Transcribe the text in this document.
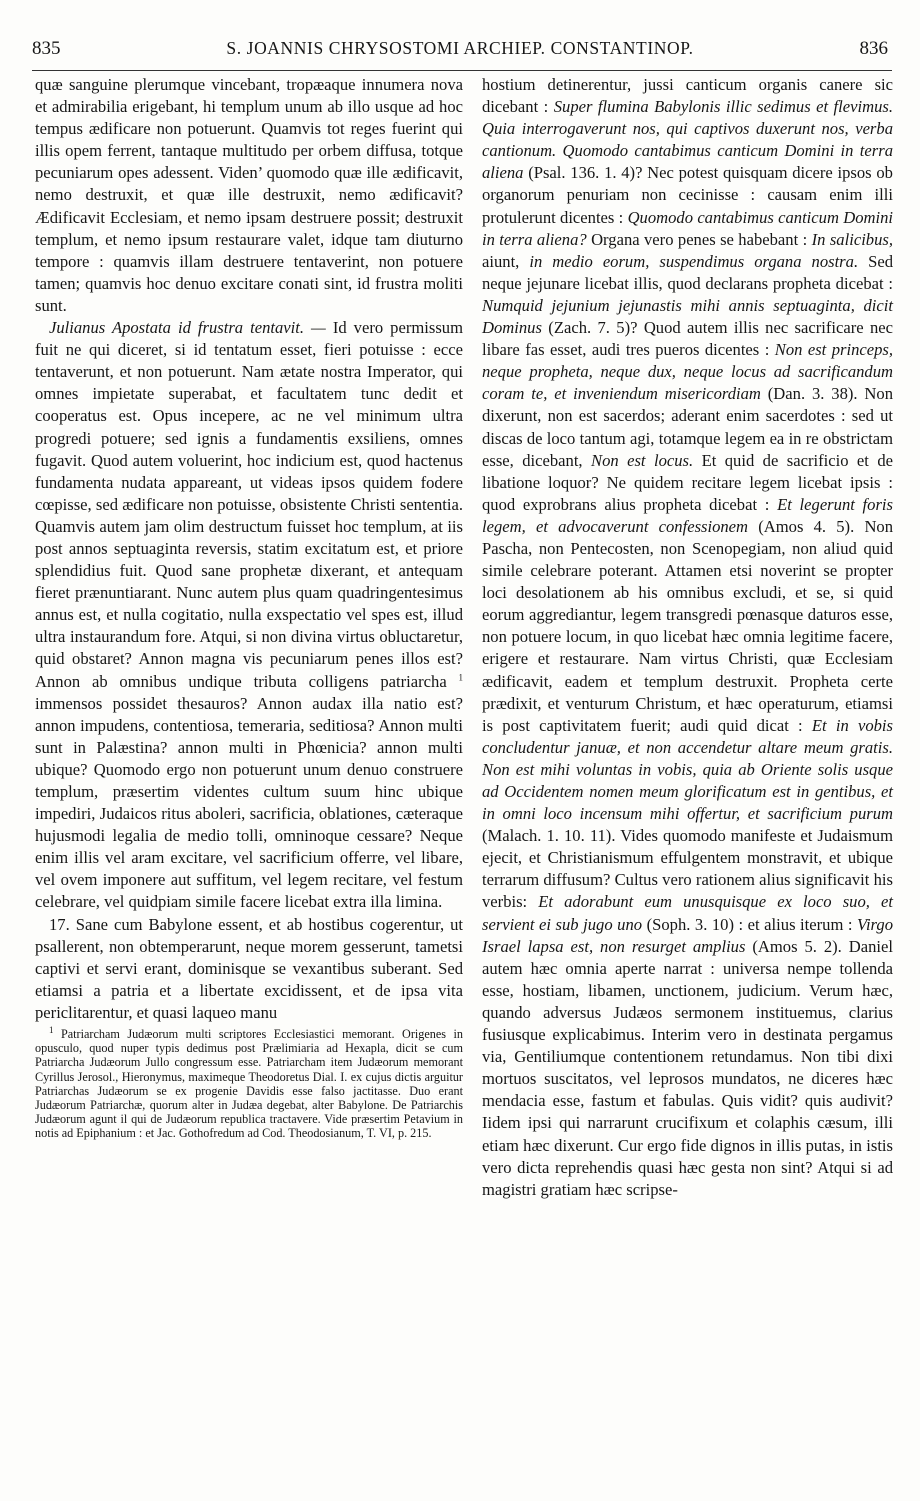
835	S. JOANNIS CHRYSOSTOMI ARCHIEP. CONSTANTINOP.	836

quæ sanguine plerumque vincebant, tropæaque innumera nova et admirabilia erigebant, hi templum unum ab illo usque ad hoc tempus ædificare non potuerunt. Quamvis tot reges fuerint qui illis opem ferrent, tantaque multitudo per orbem diffusa, totque pecuniarum opes adessent. Viden’ quomodo quæ ille ædificavit, nemo destruxit, et quæ ille destruxit, nemo ædificavit? Ædificavit Ecclesiam, et nemo ipsam destruere possit; destruxit templum, et nemo ipsum restaurare valet, idque tam diuturno tempore : quamvis illam destruere tentaverint, non potuere tamen; quamvis hoc denuo excitare conati sint, id frustra moliti sunt.

Julianus Apostata id frustra tentavit. — Id vero permissum fuit ne qui diceret, si id tentatum esset, fieri potuisse : ecce tentaverunt, et non potuerunt. Nam ætate nostra Imperator, qui omnes impietate superabat, et facultatem tunc dedit et cooperatus est. Opus incepere, ac ne vel minimum ultra progredi potuere; sed ignis a fundamentis exsiliens, omnes fugavit. Quod autem voluerint, hoc indicium est, quod hactenus fundamenta nudata appareant, ut videas ipsos quidem fodere cœpisse, sed ædificare non potuisse, obsistente Christi sententia. Quamvis autem jam olim destructum fuisset hoc templum, at iis post annos septuaginta reversis, statim excitatum est, et priore splendidius fuit. Quod sane prophetæ dixerant, et antequam fieret prænuntiarant. Nunc autem plus quam quadringentesimus annus est, et nulla cogitatio, nulla exspectatio vel spes est, illud ultra instaurandum fore. Atqui, si non divina virtus obluctaretur, quid obstaret? Annon magna vis pecuniarum penes illos est? Annon ab omnibus undique tributa colligens patriarcha $^1$ immensos possidet thesauros? Annon audax illa natio est? annon impudens, contentiosa, temeraria, seditiosa? Annon multi sunt in Palæstina? annon multi in Phœnicia? annon multi ubique? Quomodo ergo non potuerunt unum denuo construere templum, præsertim videntes cultum suum hinc ubique impediri, Judaicos ritus aboleri, sacrificia, oblationes, cæteraque hujusmodi legalia de medio tolli, omninoque cessare? Neque enim illis vel aram excitare, vel sacrificium offerre, vel libare, vel ovem imponere aut suffitum, vel legem recitare, vel festum celebrare, vel quidpiam simile facere licebat extra illa limina.

17. Sane cum Babylone essent, et ab hostibus cogerentur, ut psallerent, non obtemperarunt, neque morem gesserunt, tametsi captivi et servi erant, dominisque se vexantibus suberant. Sed etiamsi a patria et a libertate excidissent, et de ipsa vita periclitarentur, et quasi laqueo manu

$^1$ Patriarcham Judæorum multi scriptores Ecclesiastici memorant. Origenes in opusculo, quod nuper typis dedimus post Prælimiaria ad Hexapla, dicit se cum Patriarcha Judæorum Jullo congressum esse. Patriarcham item Judæorum memorant Cyrillus Jerosol., Hieronymus, maximeque Theodoretus Dial. I. ex cujus dictis arguitur Patriarchas Judæorum se ex progenie Davidis esse falso jactitasse. Duo erant Judæorum Patriarchæ, quorum alter in Judæa degebat, alter Babylone. De Patriarchis Judæorum agunt il qui de Judæorum republica tractavere. Vide præsertim Petavium in notis ad Epiphanium : et Jac. Gothofredum ad Cod. Theodosianum, T. VI, p. 215.

hostium detinerentur, jussi canticum organis canere sic dicebant : Super flumina Babylonis illic sedimus et flevimus. Quia interrogaverunt nos, qui captivos duxerunt nos, verba cantionum. Quomodo cantabimus canticum Domini in terra aliena (Psal. 136. 1. 4)? Nec potest quisquam dicere ipsos ob organorum penuriam non cecinisse : causam enim illi protulerunt dicentes : Quomodo cantabimus canticum Domini in terra aliena? Organa vero penes se habebant : In salicibus, aiunt, in medio eorum, suspendimus organa nostra. Sed neque jejunare licebat illis, quod declarans propheta dicebat : Numquid jejunium jejunastis mihi annis septuaginta, dicit Dominus (Zach. 7. 5)? Quod autem illis nec sacrificare nec libare fas esset, audi tres pueros dicentes : Non est princeps, neque propheta, neque dux, neque locus ad sacrificandum coram te, et inveniendum misericordiam (Dan. 3. 38). Non dixerunt, non est sacerdos; aderant enim sacerdotes : sed ut discas de loco tantum agi, totamque legem ea in re obstrictam esse, dicebant, Non est locus. Et quid de sacrificio et de libatione loquor? Ne quidem recitare legem licebat ipsis : quod exprobrans alius propheta dicebat : Et legerunt foris legem, et advocaverunt confessionem (Amos 4. 5). Non Pascha, non Pentecosten, non Scenopegiam, non aliud quid simile celebrare poterant. Attamen etsi noverint se propter loci desolationem ab his omnibus excludi, et se, si quid eorum aggrediantur, legem transgredi pœnasque daturos esse, non potuere locum, in quo licebat hæc omnia legitime facere, erigere et restaurare. Nam virtus Christi, quæ Ecclesiam ædificavit, eadem et templum destruxit. Propheta certe prædixit, et venturum Christum, et hæc operaturum, etiamsi is post captivitatem fuerit; audi quid dicat : Et in vobis concludentur januæ, et non accendetur altare meum gratis. Non est mihi voluntas in vobis, quia ab Oriente solis usque ad Occidentem nomen meum glorificatum est in gentibus, et in omni loco incensum mihi offertur, et sacrificium purum (Malach. 1. 10. 11). Vides quomodo manifeste et Judaismum ejecit, et Christianismum effulgentem monstravit, et ubique terrarum diffusum? Cultus vero rationem alius significavit his verbis: Et adorabunt eum unusquisque ex loco suo, et servient ei sub jugo uno (Soph. 3. 10) : et alius iterum : Virgo Israel lapsa est, non resurget amplius (Amos 5. 2). Daniel autem hæc omnia aperte narrat : universa nempe tollenda esse, hostiam, libamen, unctionem, judicium. Verum hæc, quando adversus Judæos sermonem instituemus, clarius fusiusque explicabimus. Interim vero in destinata pergamus via, Gentiliumque contentionem retundamus. Non tibi dixi mortuos suscitatos, vel leprosos mundatos, ne diceres hæc mendacia esse, fastum et fabulas. Quis vidit? quis audivit? Iidem ipsi qui narrarunt crucifixum et colaphis cæsum, illi etiam hæc dixerunt. Cur ergo fide dignos in illis putas, in istis vero dicta reprehendis quasi hæc gesta non sint? Atqui si ad magistri gratiam hæc scripse-
